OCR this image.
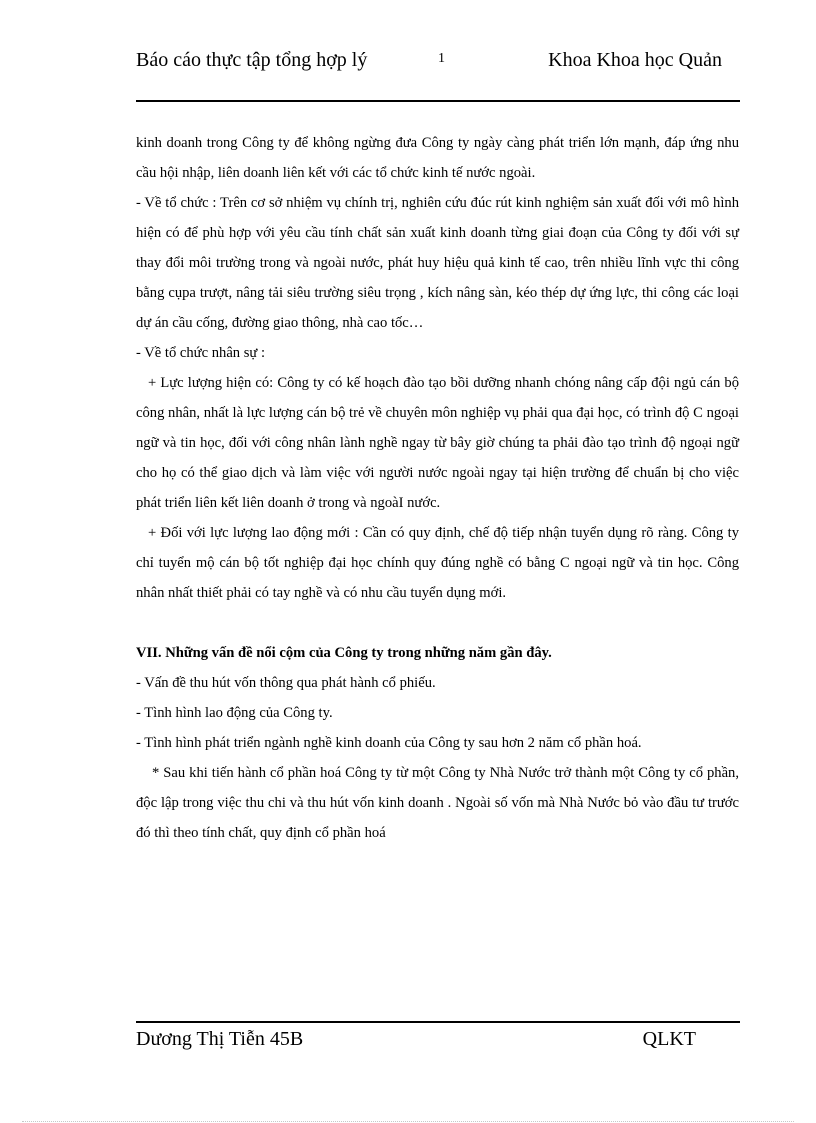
Báo cáo thực tập tổng hợp lý	1	Khoa Khoa học Quản

kinh doanh trong Công ty để không ngừng đưa Công ty ngày càng phát triển lớn mạnh, đáp ứng nhu cầu hội nhập, liên doanh liên kết với các tổ chức kinh tế nước ngoài.

- Về tổ chức : Trên cơ sở nhiệm vụ chính trị, nghiên cứu đúc rút kinh nghiệm sản xuất đối với mô hình hiện có để phù hợp với yêu cầu tính chất sản xuất kinh doanh từng giai đoạn của Công ty đối với sự thay đổi môi trường trong và ngoài nước, phát huy hiệu quả kinh tế cao, trên nhiều lĩnh vực thi công bằng cụpa trượt, nâng tải siêu trường siêu trọng , kích nâng sàn, kéo thép dự ứng lực, thi công các loại dự án cầu cống, đường giao thông, nhà cao tốc…

- Về tổ chức nhân sự :

+ Lực lượng hiện có: Công ty có kế hoạch đào tạo bồi dưỡng nhanh chóng nâng cấp đội ngủ cán bộ công nhân, nhất là lực lượng cán bộ trẻ về chuyên môn nghiệp vụ phải qua đại học, có trình độ C ngoại ngữ và tin học, đối với công nhân lành nghề ngay từ bây giờ chúng ta phải đào tạo trình độ ngoại ngữ cho họ có thể giao dịch và làm việc với người nước ngoài ngay tại hiện trường để chuẩn bị cho việc phát triển liên kết liên doanh ở trong và ngoàI nước.

+ Đối với lực lượng lao động mới : Cần có quy định, chế độ tiếp nhận tuyển dụng rõ ràng. Công ty chỉ tuyển mộ cán bộ tốt nghiệp đại học chính quy đúng nghề có bằng C ngoại ngữ và tin học. Công nhân nhất thiết phải có tay nghề và có nhu cầu tuyển dụng mới.

VII. Những vấn đề nổi cộm của Công ty trong những năm gần đây.

- Vấn đề thu hút vốn thông qua phát hành cổ phiếu.

- Tình hình lao động của Công ty.

- Tình hình phát triển ngành nghề kinh doanh của Công ty sau hơn 2 năm cổ phần hoá.

* Sau khi tiến hành cổ phần hoá Công ty từ một Công ty Nhà Nước trở thành một Công ty cổ phần, độc lập trong việc thu chi và thu hút vốn kinh doanh . Ngoài số vốn mà Nhà Nước bỏ vào đầu tư trước đó thì theo tính chất, quy định cổ phần hoá

Dương Thị Tiễn 45B	QLKT
